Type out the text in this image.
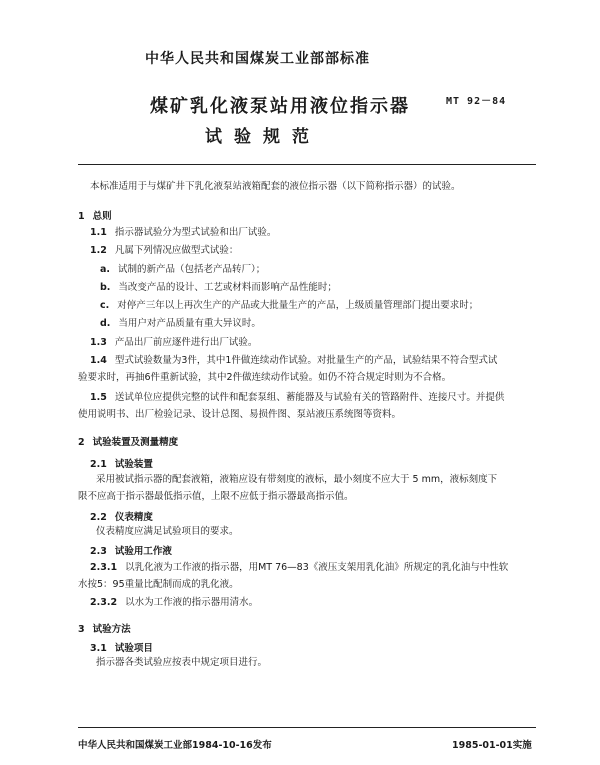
中华人民共和国煤炭工业部部标准
MT 92－84
煤矿乳化液泵站用液位指示器
试验规范
本标准适用于与煤矿井下乳化液泵站液箱配套的液位指示器（以下简称指示器）的试验。
1 总则
1.1 指示器试验分为型式试验和出厂试验。
1.2 凡属下列情况应做型式试验：
a. 试制的新产品（包括老产品转厂）；
b. 当改变产品的设计、工艺或材料而影响产品性能时；
c. 对停产三年以上再次生产的产品或大批量生产的产品，上级质量管理部门提出要求时；
d. 当用户对产品质量有重大异议时。
1.3 产品出厂前应逐件进行出厂试验。
1.4 型式试验数量为3件，其中1件做连续动作试验。对批量生产的产品，试验结果不符合型式试
验要求时，再抽6件重新试验，其中2件做连续动作试验。如仍不符合规定时则为不合格。
1.5 送试单位应提供完整的试件和配套泵组、蓄能器及与试验有关的管路附件、连接尺寸。并提供
使用说明书、出厂检验记录、设计总图、易损件图、泵站液压系统图等资料。
2 试验装置及测量精度
2.1 试验装置
采用被试指示器的配套液箱，液箱应设有带刻度的液标，最小刻度不应大于 5 mm，液标刻度下
限不应高于指示器最低指示值，上限不应低于指示器最高指示值。
2.2 仪表精度
仪表精度应满足试验项目的要求。
2.3 试验用工作液
2.3.1 以乳化液为工作液的指示器，用MT 76—83《液压支架用乳化油》所规定的乳化油与中性软
水按5：95重量比配制而成的乳化液。
2.3.2 以水为工作液的指示器用清水。
3 试验方法
3.1 试验项目
指示器各类试验应按表中规定项目进行。
中华人民共和国煤炭工业部1984-10-16发布	1985-01-01实施
